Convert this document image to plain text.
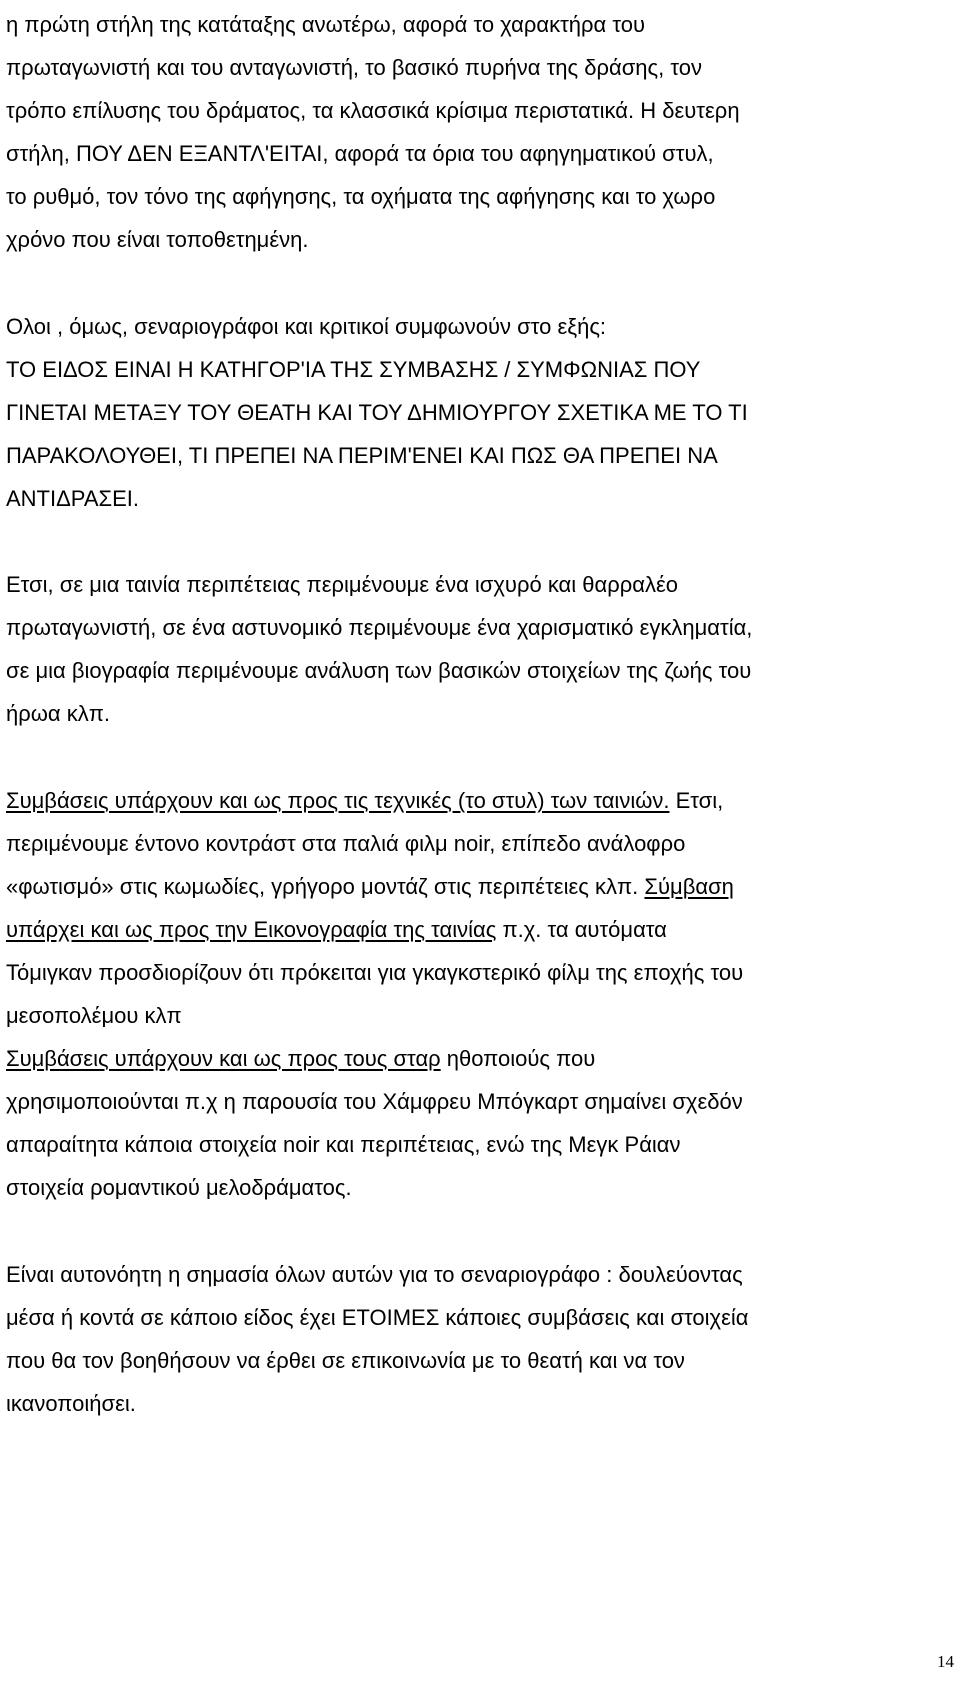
η πρώτη στήλη της κατάταξης ανωτέρω, αφορά το χαρακτήρα του
πρωταγωνιστή και του ανταγωνιστή, το βασικό πυρήνα της δράσης, τον
τρόπο επίλυσης του δράματος, τα κλασσικά κρίσιμα περιστατικά. Η δευτερη
στήλη, ΠΟΥ ΔΕΝ ΕΞΑΝΤΛ'ΕΙΤΑΙ, αφορά τα όρια του αφηγηματικού στυλ,
το ρυθμό, τον τόνο της αφήγησης, τα οχήματα της αφήγησης και το χωρο
χρόνο που είναι τοποθετημένη.
Ολοι , όμως, σεναριογράφοι και κριτικοί συμφωνούν στο εξής:
ΤΟ ΕΙΔΟΣ ΕΙΝΑΙ Η ΚΑΤΗΓΟΡ'ΙΑ ΤΗΣ ΣΥΜΒΑΣΗΣ / ΣΥΜΦΩΝΙΑΣ ΠΟΥ
ΓΙΝΕΤΑΙ ΜΕΤΑΞΥ ΤΟΥ ΘΕΑΤΗ ΚΑΙ ΤΟΥ ΔΗΜΙΟΥΡΓΟΥ ΣΧΕΤΙΚΑ ΜΕ ΤΟ ΤΙ
ΠΑΡΑΚΟΛΟΥΘΕΙ, ΤΙ ΠΡΕΠΕΙ ΝΑ ΠΕΡΙΜ'ΕΝΕΙ ΚΑΙ ΠΩΣ ΘΑ ΠΡΕΠΕΙ ΝΑ
ΑΝΤΙΔΡΑΣΕΙ.
Ετσι, σε μια ταινία περιπέτειας περιμένουμε ένα ισχυρό και θαρραλέο
πρωταγωνιστή, σε ένα αστυνομικό περιμένουμε ένα χαρισματικό εγκληματία,
σε μια βιογραφία περιμένουμε ανάλυση των βασικών στοιχείων της ζωής του
ήρωα κλπ.
Συμβάσεις υπάρχουν και ως προς τις τεχνικές (το στυλ) των ταινιών. Ετσι,
περιμένουμε έντονο κοντράστ στα παλιά φιλμ noir, επίπεδο ανάλοφρο
«φωτισμό» στις κωμωδίες, γρήγορο μοντάζ στις περιπέτειες κλπ. Σύμβαση
υπάρχει και ως προς την Εικονογραφία της ταινίας π.χ. τα αυτόματα
Τόμιγκαν προσδιορίζουν ότι πρόκειται για γκαγκστερικό φίλμ της εποχής του
μεσοπολέμου κλπ
Συμβάσεις υπάρχουν και ως προς τους σταρ ηθοποιούς που
χρησιμοποιούνται π.χ η παρουσία του Χάμφρευ Μπόγκαρτ σημαίνει σχεδόν
απαραίτητα κάποια στοιχεία noir και περιπέτειας, ενώ της Μεγκ Ράιαν
στοιχεία ρομαντικού μελοδράματος.
Είναι αυτονόητη η σημασία όλων αυτών για το σεναριογράφο : δουλεύοντας
μέσα ή κοντά σε κάποιο είδος έχει ΕΤΟΙΜΕΣ κάποιες συμβάσεις και στοιχεία
που θα τον βοηθήσουν να έρθει σε επικοινωνία με το θεατή και να τον
ικανοποιήσει.
14
